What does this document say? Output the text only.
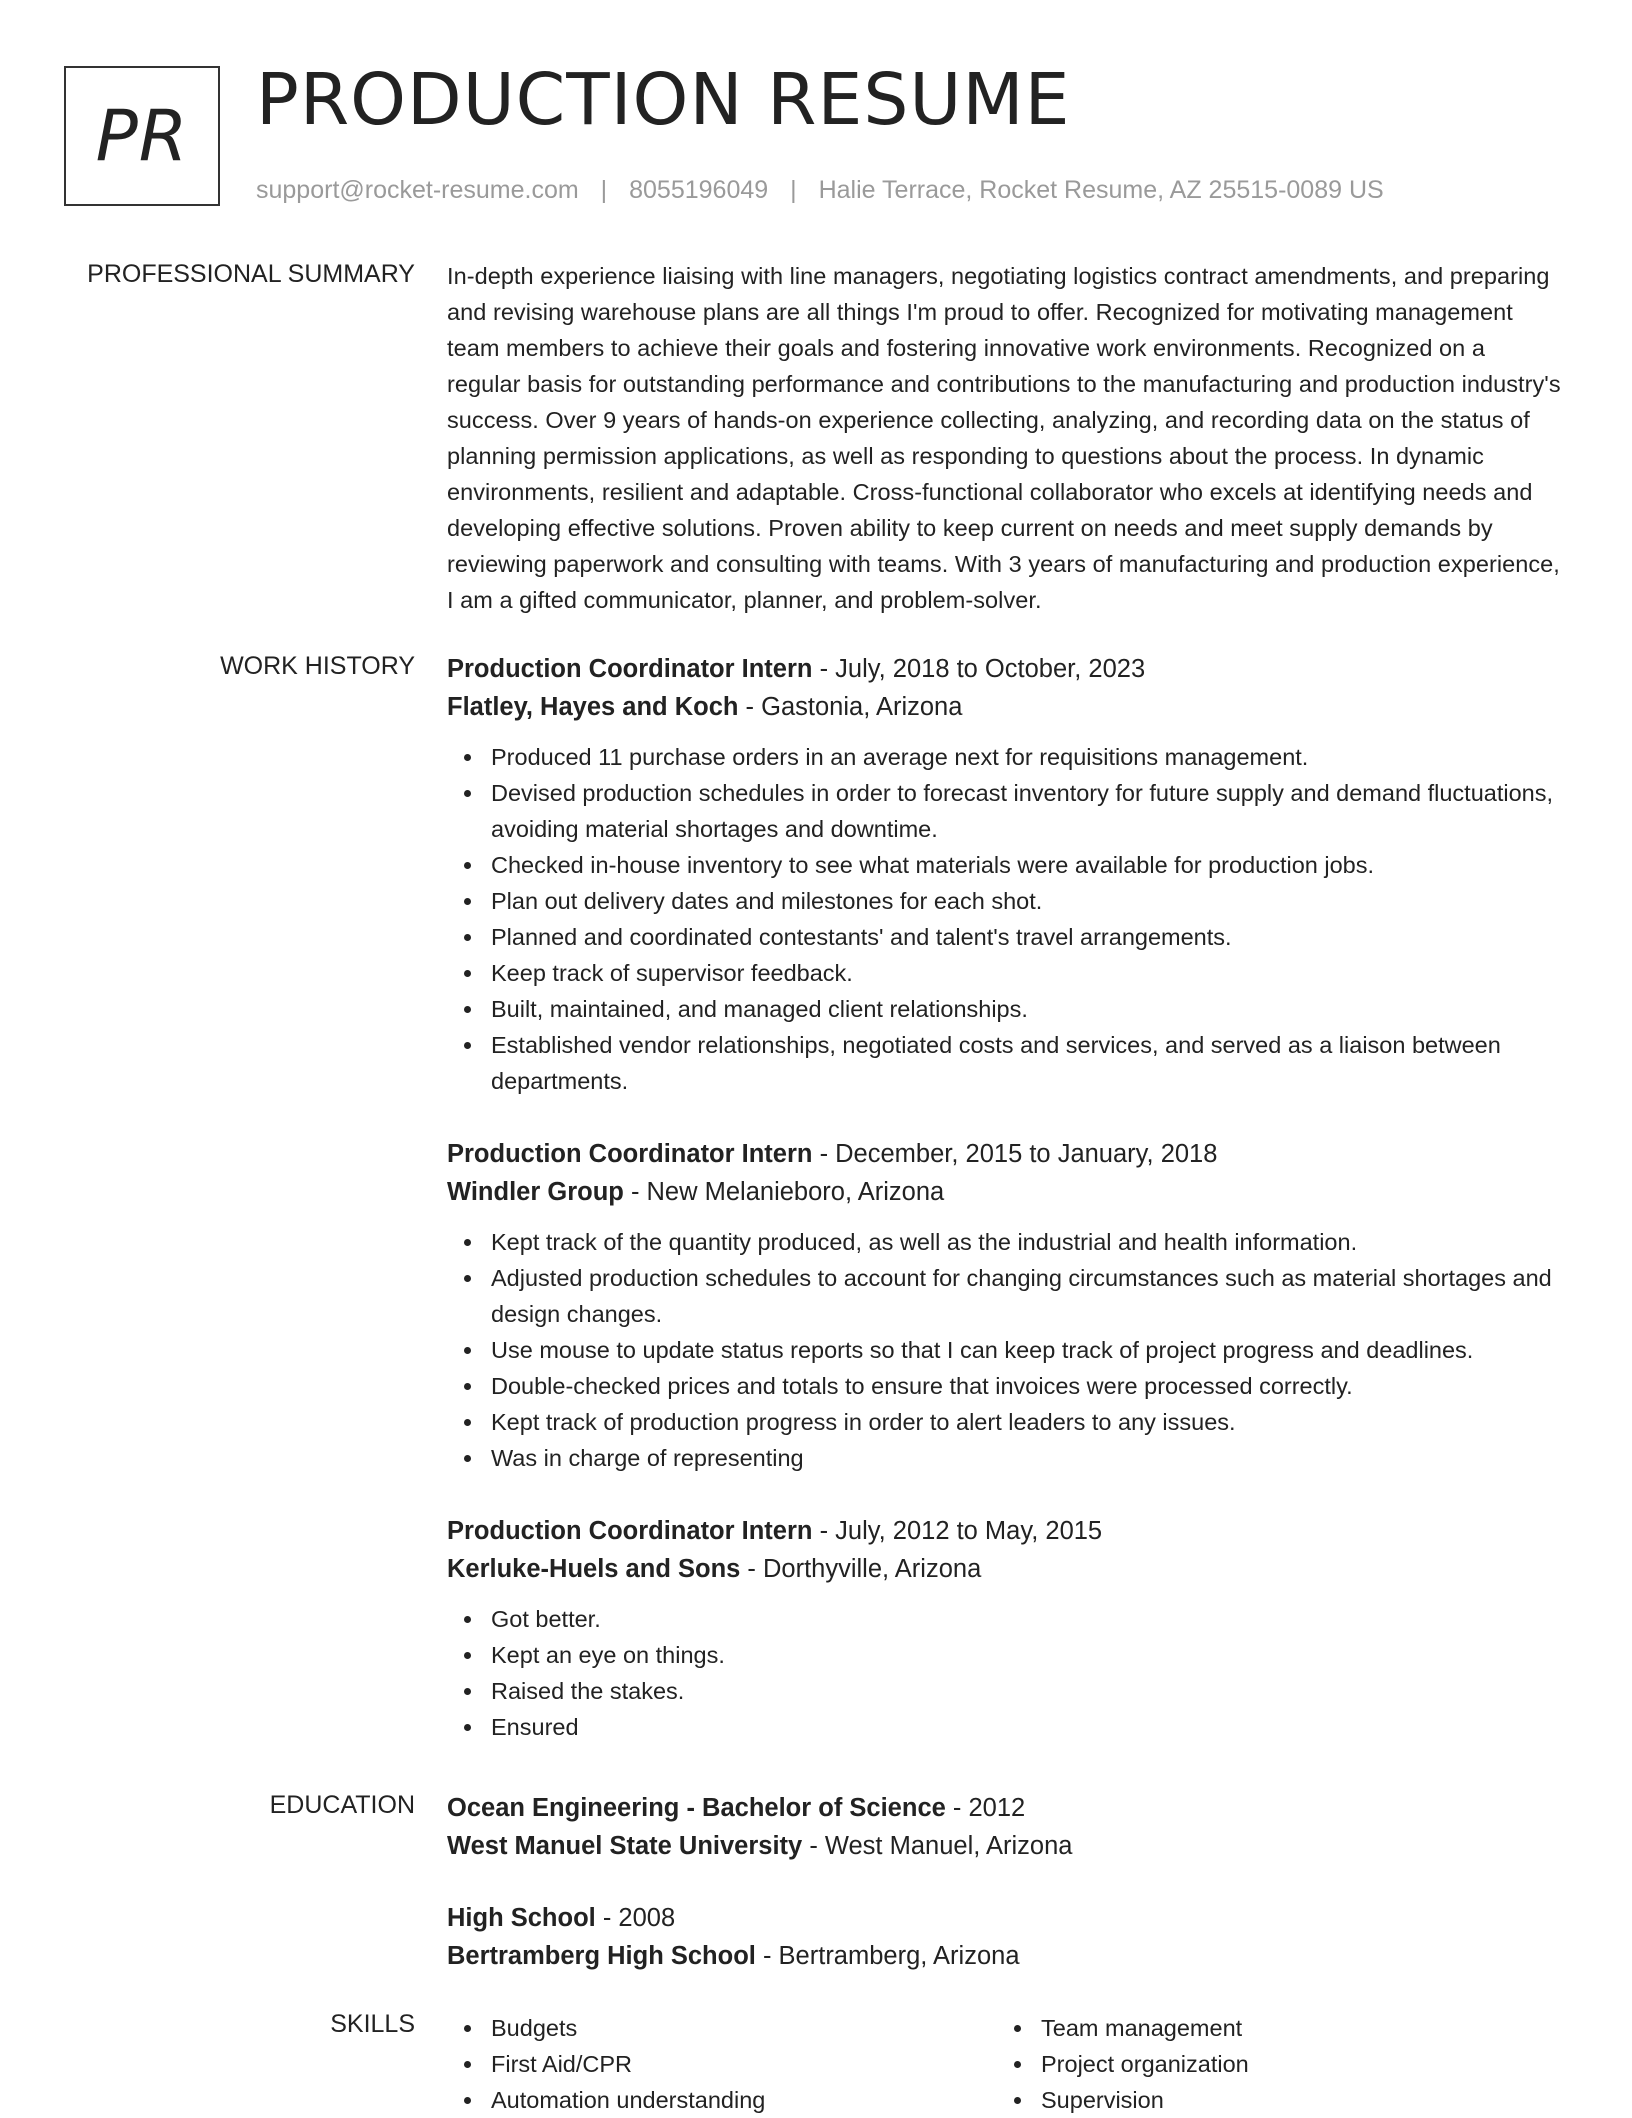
PR PRODUCTION RESUME
support@rocket-resume.com | 8055196049 | Halie Terrace, Rocket Resume, AZ 25515-0089 US
PROFESSIONAL SUMMARY In-depth experience liaising with line managers, negotiating logistics contract amendments, and preparing and revising warehouse plans are all things I'm proud to offer. Recognized for motivating management team members to achieve their goals and fostering innovative work environments. Recognized on a regular basis for outstanding performance and contributions to the manufacturing and production industry's success. Over 9 years of hands-on experience collecting, analyzing, and recording data on the status of planning permission applications, as well as responding to questions about the process. In dynamic environments, resilient and adaptable. Cross-functional collaborator who excels at identifying needs and developing effective solutions. Proven ability to keep current on needs and meet supply demands by reviewing paperwork and consulting with teams. With 3 years of manufacturing and production experience, I am a gifted communicator, planner, and problem-solver.

WORK HISTORY Production Coordinator Intern - July, 2018 to October, 2023
Flatley, Hayes and Koch - Gastonia, Arizona
Produced 11 purchase orders in an average next for requisitions management.
Devised production schedules in order to forecast inventory for future supply and demand fluctuations, avoiding material shortages and downtime.
Checked in-house inventory to see what materials were available for production jobs.
Plan out delivery dates and milestones for each shot.
Planned and coordinated contestants' and talent's travel arrangements.
Keep track of supervisor feedback.
Built, maintained, and managed client relationships.
Established vendor relationships, negotiated costs and services, and served as a liaison between departments.
Production Coordinator Intern - December, 2015 to January, 2018
Windler Group - New Melanieboro, Arizona
Kept track of the quantity produced, as well as the industrial and health information.
Adjusted production schedules to account for changing circumstances such as material shortages and design changes.
Use mouse to update status reports so that I can keep track of project progress and deadlines.
Double-checked prices and totals to ensure that invoices were processed correctly.
Kept track of production progress in order to alert leaders to any issues.
Was in charge of representing
Production Coordinator Intern - July, 2012 to May, 2015
Kerluke-Huels and Sons - Dorthyville, Arizona
Got better.
Kept an eye on things.
Raised the stakes.
Ensured
EDUCATION Ocean Engineering - Bachelor of Science - 2012
West Manuel State University - West Manuel, Arizona
High School - 2008
Bertramberg High School - Bertramberg, Arizona
SKILLS	Budgets
First Aid/CPR
Automation understanding
Team management
Project organization
Supervision
